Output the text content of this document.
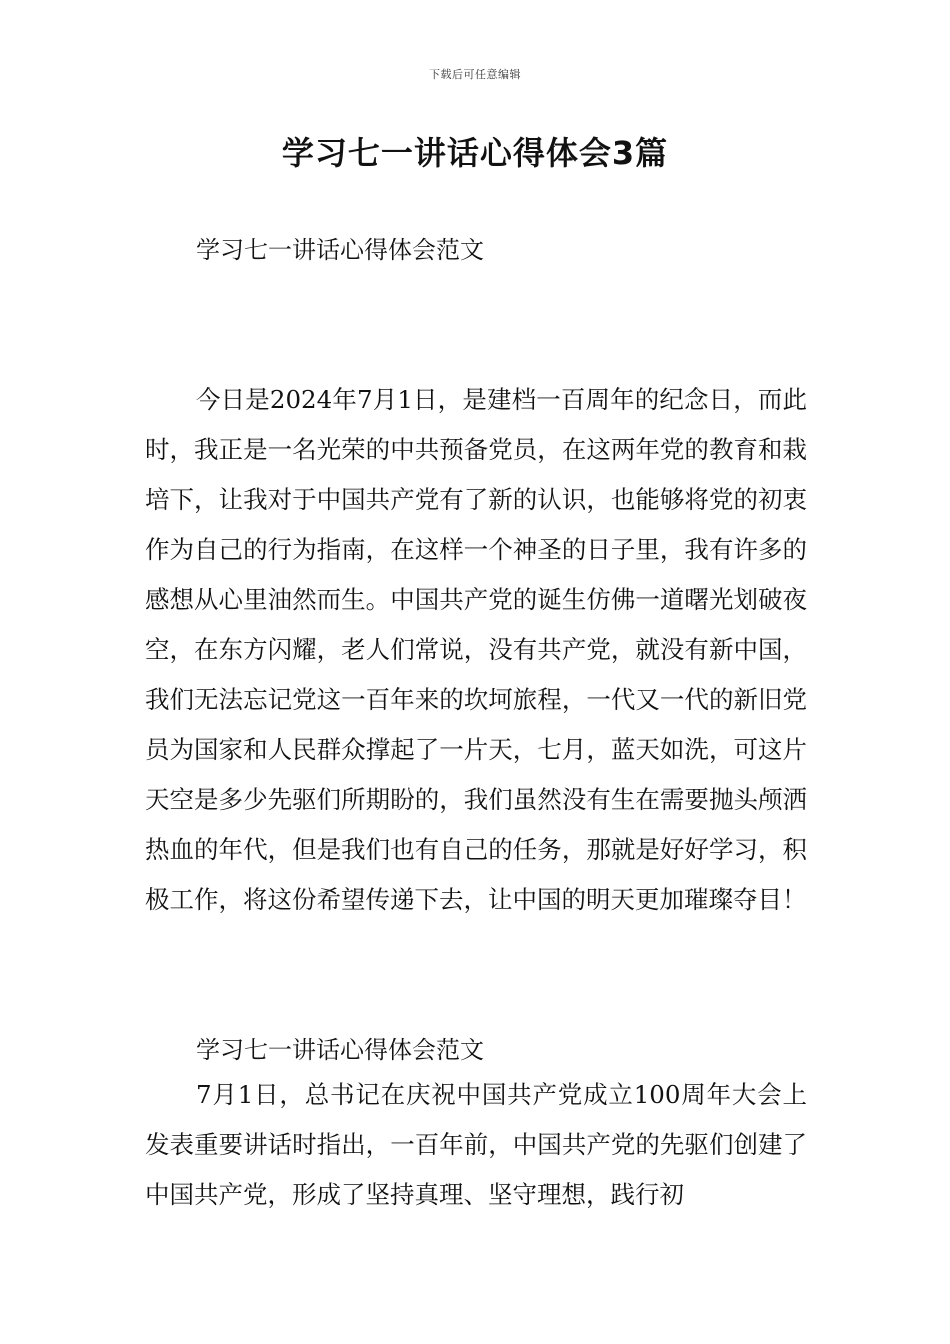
下载后可任意编辑
学习七一讲话心得体会3篇
学习七一讲话心得体会范文

今日是2024年7月1日，是建档一百周年的纪念日，而此时，我正是一名光荣的中共预备党员，在这两年党的教育和栽培下，让我对于中国共产党有了新的认识，也能够将党的初衷作为自己的行为指南，在这样一个神圣的日子里，我有许多的感想从心里油然而生。中国共产党的诞生仿佛一道曙光划破夜空，在东方闪耀，老人们常说，没有共产党，就没有新中国，我们无法忘记党这一百年来的坎坷旅程，一代又一代的新旧党员为国家和人民群众撑起了一片天，七月，蓝天如洗，可这片天空是多少先驱们所期盼的，我们虽然没有生在需要抛头颅洒热血的年代，但是我们也有自己的任务，那就是好好学习，积极工作，将这份希望传递下去，让中国的明天更加璀璨夺目！

学习七一讲话心得体会范文

7月1日，总书记在庆祝中国共产党成立100周年大会上发表重要讲话时指出，一百年前，中国共产党的先驱们创建了中国共产党，形成了坚持真理、坚守理想，践行初
